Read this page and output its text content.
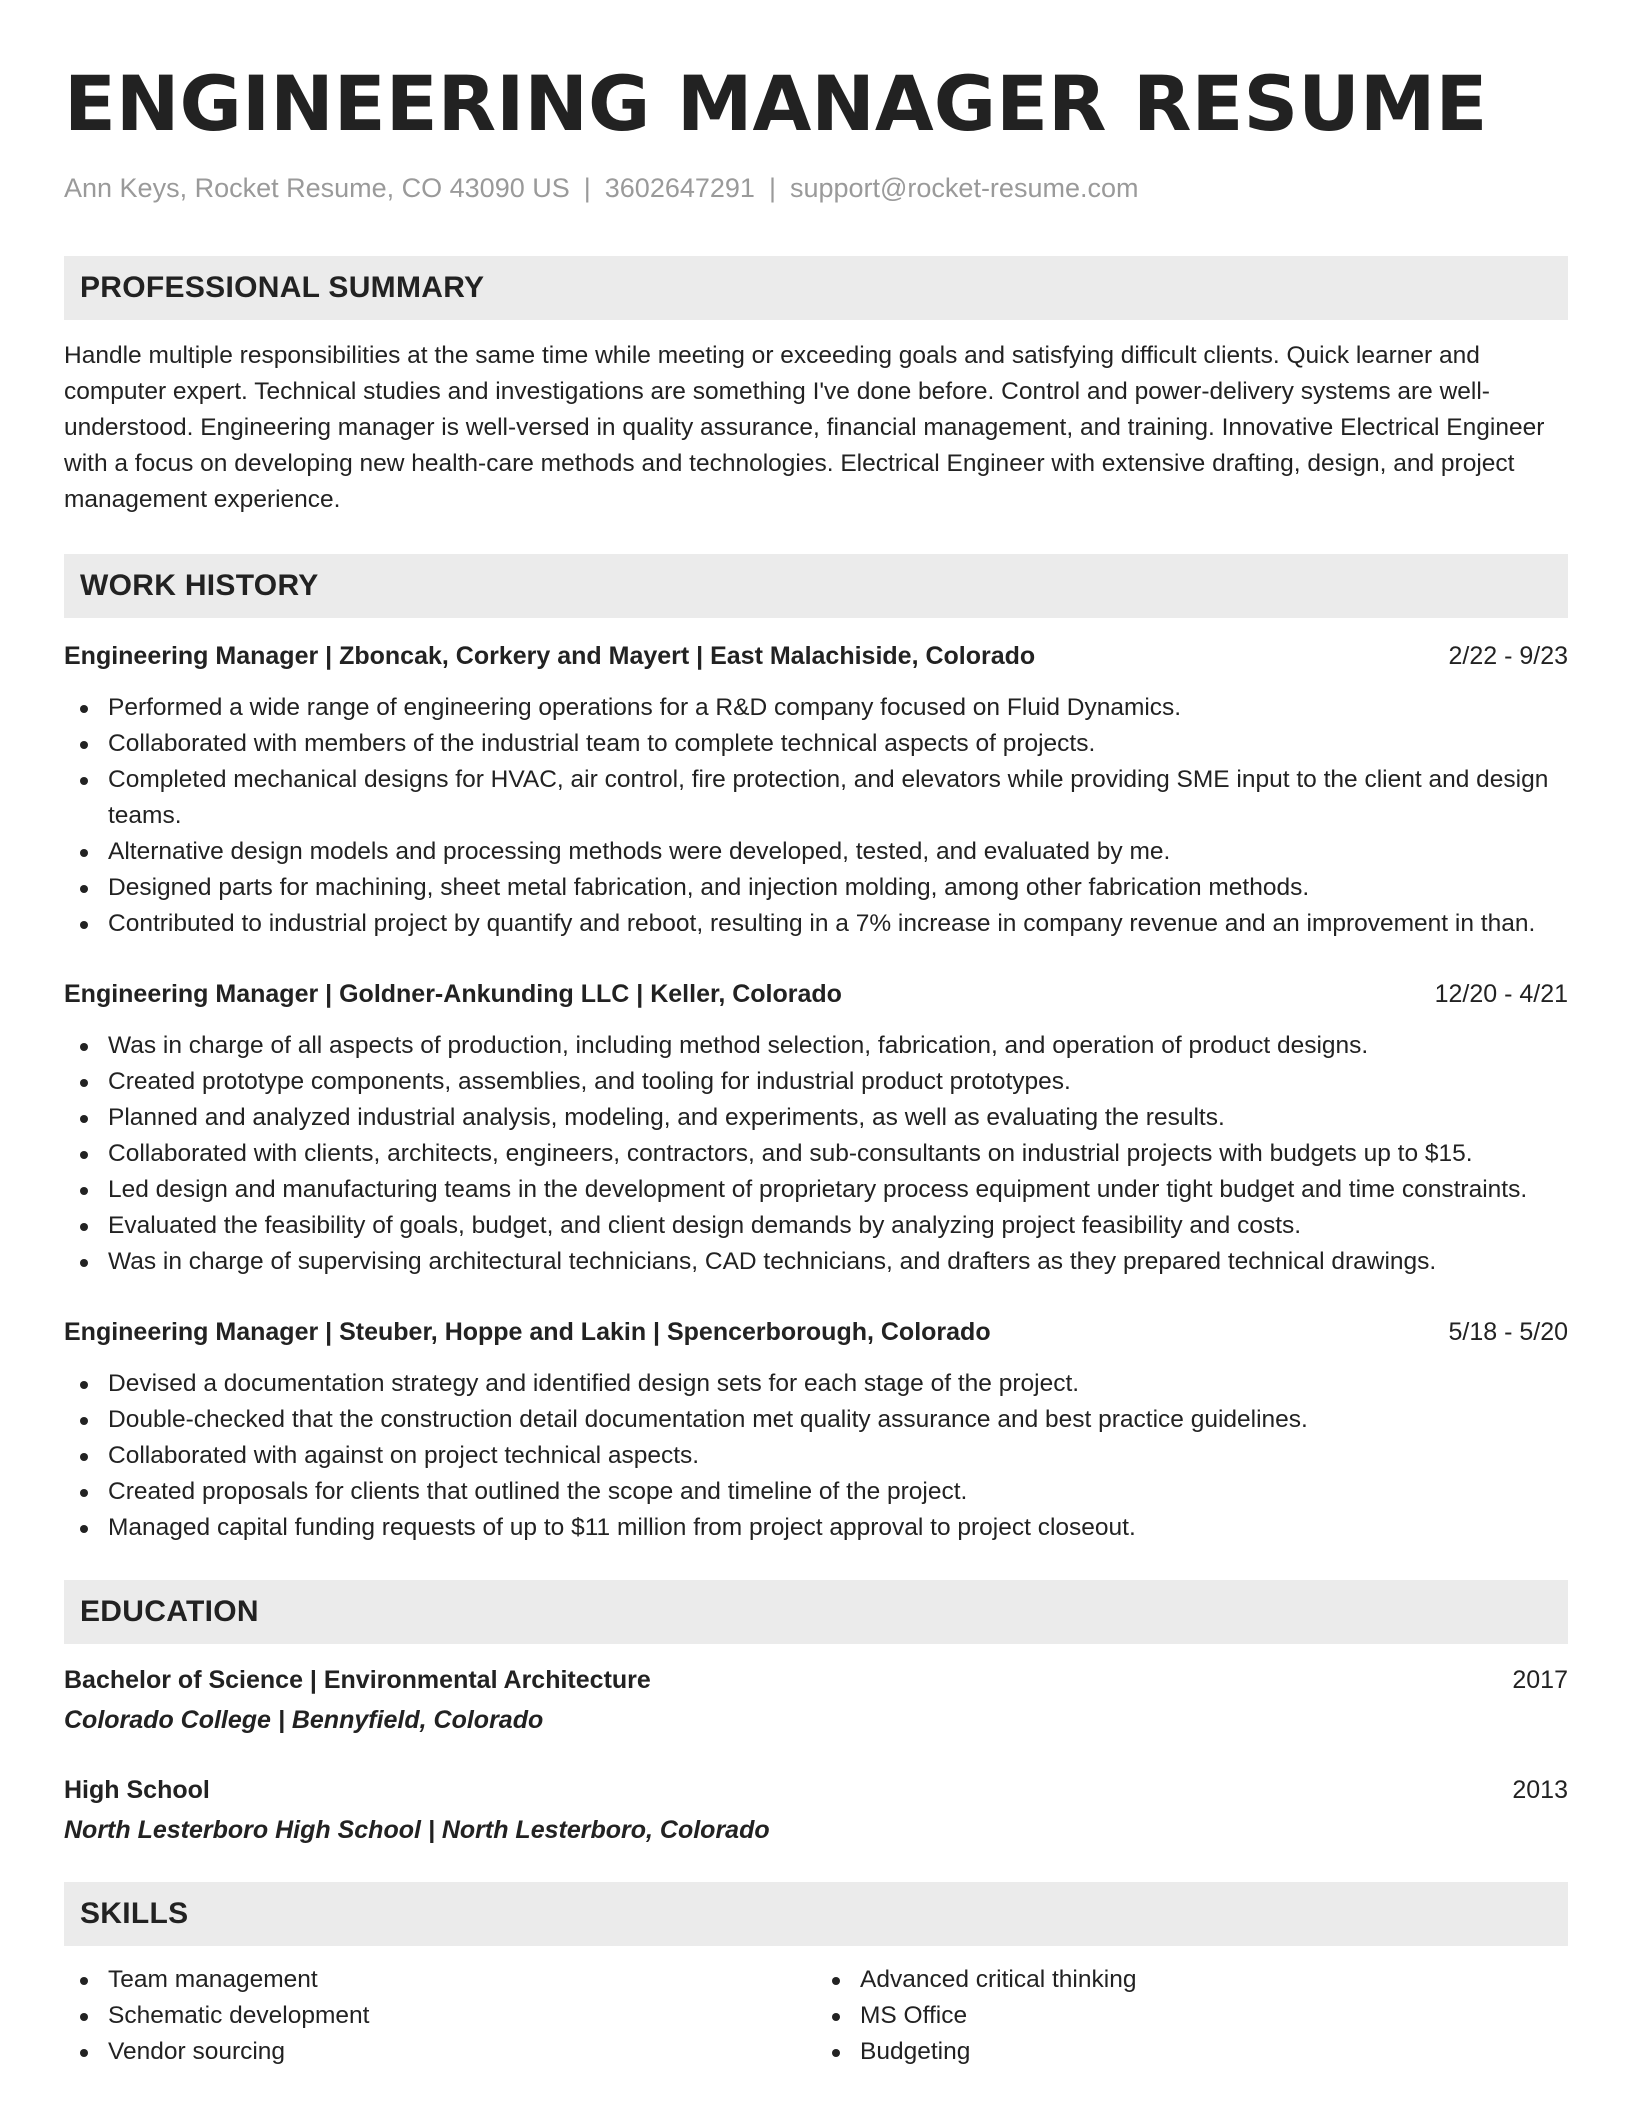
ENGINEERING MANAGER RESUME
Ann Keys, Rocket Resume, CO 43090 US | 3602647291 | support@rocket-resume.com
PROFESSIONAL SUMMARY
Handle multiple responsibilities at the same time while meeting or exceeding goals and satisfying difficult clients. Quick learner and computer expert. Technical studies and investigations are something I've done before. Control and power-delivery systems are well-understood. Engineering manager is well-versed in quality assurance, financial management, and training. Innovative Electrical Engineer with a focus on developing new health-care methods and technologies. Electrical Engineer with extensive drafting, design, and project management experience.
WORK HISTORY
Engineering Manager | Zboncak, Corkery and Mayert | East Malachiside, Colorado	2/22 - 9/23
Performed a wide range of engineering operations for a R&D company focused on Fluid Dynamics.
Collaborated with members of the industrial team to complete technical aspects of projects.
Completed mechanical designs for HVAC, air control, fire protection, and elevators while providing SME input to the client and design teams.
Alternative design models and processing methods were developed, tested, and evaluated by me.
Designed parts for machining, sheet metal fabrication, and injection molding, among other fabrication methods.
Contributed to industrial project by quantify and reboot, resulting in a 7% increase in company revenue and an improvement in than.
Engineering Manager | Goldner-Ankunding LLC | Keller, Colorado	12/20 - 4/21
Was in charge of all aspects of production, including method selection, fabrication, and operation of product designs.
Created prototype components, assemblies, and tooling for industrial product prototypes.
Planned and analyzed industrial analysis, modeling, and experiments, as well as evaluating the results.
Collaborated with clients, architects, engineers, contractors, and sub-consultants on industrial projects with budgets up to $15.
Led design and manufacturing teams in the development of proprietary process equipment under tight budget and time constraints.
Evaluated the feasibility of goals, budget, and client design demands by analyzing project feasibility and costs.
Was in charge of supervising architectural technicians, CAD technicians, and drafters as they prepared technical drawings.
Engineering Manager | Steuber, Hoppe and Lakin | Spencerborough, Colorado	5/18 - 5/20
Devised a documentation strategy and identified design sets for each stage of the project.
Double-checked that the construction detail documentation met quality assurance and best practice guidelines.
Collaborated with against on project technical aspects.
Created proposals for clients that outlined the scope and timeline of the project.
Managed capital funding requests of up to $11 million from project approval to project closeout.
EDUCATION
Bachelor of Science | Environmental Architecture	2017
Colorado College | Bennyfield, Colorado
High School	2013
North Lesterboro High School | North Lesterboro, Colorado
SKILLS
Team management
Schematic development
Vendor sourcing
Advanced critical thinking
MS Office
Budgeting
